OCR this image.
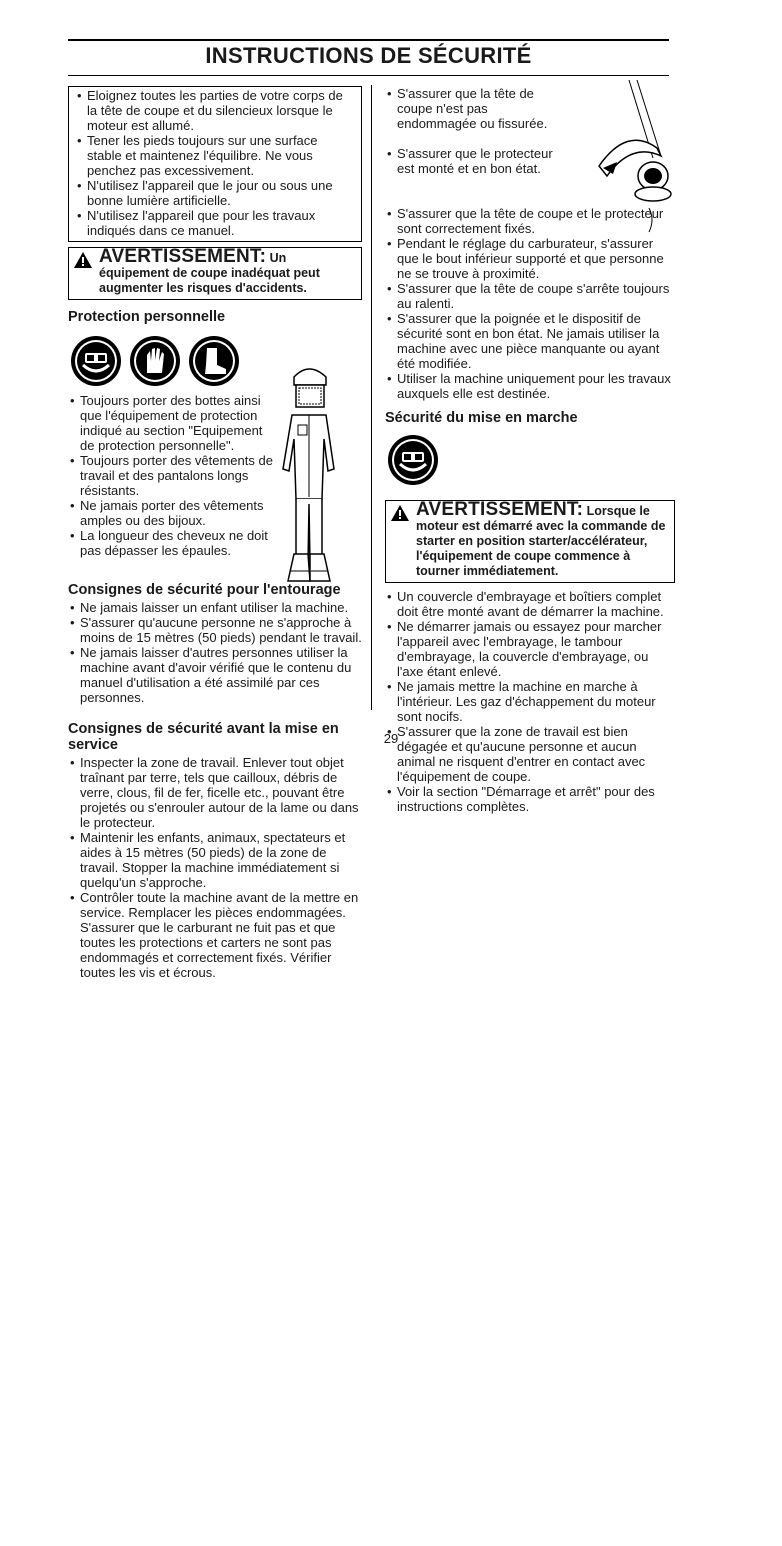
INSTRUCTIONS DE SÉCURITÉ
• Eloignez toutes les parties de votre corps de la tête de coupe et du silencieux lorsque le moteur est allumé.
• Tener les pieds toujours sur une surface stable et maintenez l'équilibre. Ne vous penchez pas excessivement.
• N'utilisez l'appareil que le jour ou sous une bonne lumière artificielle.
• N'utilisez l'appareil que pour les travaux indiqués dans ce manuel.
AVERTISSEMENT: Un équipement de coupe inadéquat peut augmenter les risques d'accidents.
Protection personnelle
• Toujours porter des bottes ainsi que l'équipement de protection indiqué au section "Equipement de protection personnelle".
• Toujours porter des vêtements de travail et des pantalons longs résistants.
• Ne jamais porter des vêtements amples ou des bijoux.
• La longueur des cheveux ne doit pas dépasser les épaules.
Consignes de sécurité pour l'entourage
• Ne jamais laisser un enfant utiliser la machine.
• S'assurer qu'aucune personne ne s'approche à moins de 15 mètres (50 pieds) pendant le travail.
• Ne jamais laisser d'autres personnes utiliser la machine avant d'avoir vérifié que le contenu du manuel d'utilisation a été assimilé par ces personnes.
Consignes de sécurité avant la mise en service
• Inspecter la zone de travail. Enlever tout objet traînant par terre, tels que cailloux, débris de verre, clous, fil de fer, ficelle etc., pouvant être projetés ou s'enrouler autour de la lame ou dans le protecteur.
• Maintenir les enfants, animaux, spectateurs et aides à 15 mètres (50 pieds) de la zone de travail. Stopper la machine immédiatement si quelqu'un s'approche.
• Contrôler toute la machine avant de la mettre en service. Remplacer les pièces endommagées. S'assurer que le carburant ne fuit pas et que toutes les protections et carters ne sont pas endommagés et correctement fixés. Vérifier toutes les vis et écrous.
• S'assurer que la tête de coupe n'est pas endommagée ou fissurée.
• S'assurer que le protecteur est monté et en bon état.
• S'assurer que la tête de coupe et le protecteur sont correctement fixés.
• Pendant le réglage du carburateur, s'assurer que le bout inférieur supporté et que personne ne se trouve à proximité.
• S'assurer que la tête de coupe s'arrête toujours au ralenti.
• S'assurer que la poignée et le dispositif de sécurité sont en bon état. Ne jamais utiliser la machine avec une pièce manquante ou ayant été modifiée.
• Utiliser la machine uniquement pour les travaux auxquels elle est destinée.
Sécurité du mise en marche
AVERTISSEMENT: Lorsque le moteur est démarré avec la commande de starter en position starter/accélérateur, l'équipement de coupe commence à tourner immédiatement.
• Un couvercle d'embrayage et boîtiers complet doit être monté avant de démarrer la machine.
• Ne démarrer jamais ou essayez pour marcher l'appareil avec l'embrayage, le tambour d'embrayage, la couvercle d'embrayage, ou l'axe étant enlevé.
• Ne jamais mettre la machine en marche à l'intérieur. Les gaz d'échappement du moteur sont nocifs.
• S'assurer que la zone de travail est bien dégagée et qu'aucune personne et aucun animal ne risquent d'entrer en contact avec l'équipement de coupe.
• Voir la section "Démarrage et arrêt" pour des instructions complètes.
29
